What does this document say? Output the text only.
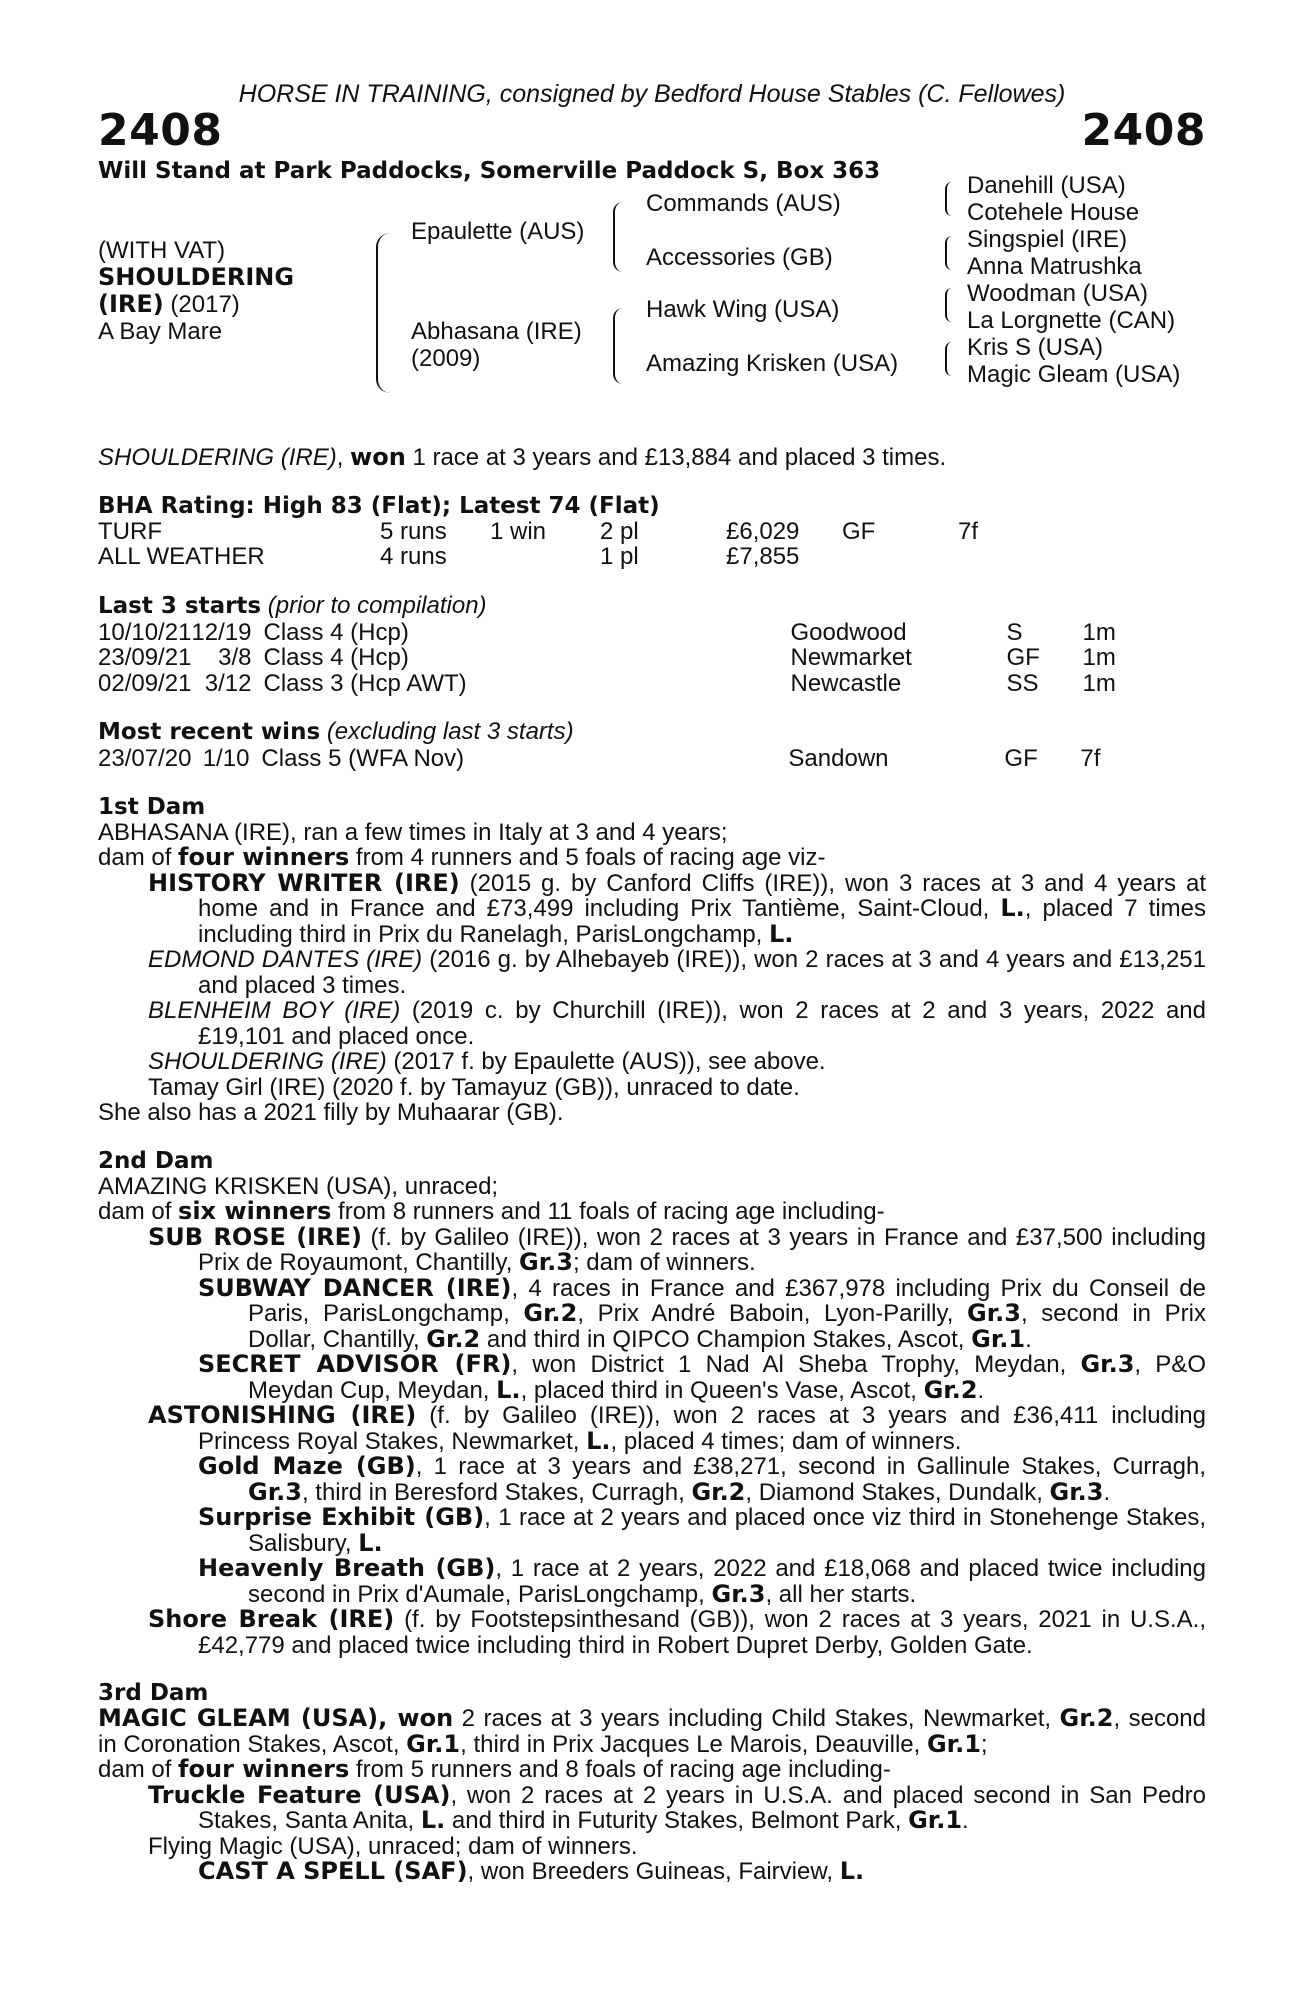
HORSE IN TRAINING, consigned by Bedford House Stables (C. Fellowes)

2408	2408
Will Stand at Park Paddocks, Somerville Paddock S, Box 363
(WITH VAT)
SHOULDERING
(IRE) (2017)
A Bay Mare
Epaulette (AUS)
Abhasana (IRE)
(2009)
Commands (AUS)
Accessories (GB)
Hawk Wing (USA)
Amazing Krisken (USA)
Danehill (USA)
Cotehele House
Singspiel (IRE)
Anna Matrushka
Woodman (USA)
La Lorgnette (CAN)
Kris S (USA)
Magic Gleam (USA)

SHOULDERING (IRE), won 1 race at 3 years and £13,884 and placed 3 times.

BHA Rating: High 83 (Flat); Latest 74 (Flat)
TURF	5 runs	1 win	2 pl	£6,029	GF	7f
ALL WEATHER	4 runs		1 pl	£7,855		
Last 3 starts (prior to compilation)
10/10/21	12/19	Class 4 (Hcp)	Goodwood	S	1m
23/09/21	3/8	Class 4 (Hcp)	Newmarket	GF	1m
02/09/21	3/12	Class 3 (Hcp AWT)	Newcastle	SS	1m
Most recent wins (excluding last 3 starts)
23/07/20	1/10	Class 5 (WFA Nov)	Sandown	GF	7f
1st Dam

ABHASANA (IRE), ran a few times in Italy at 3 and 4 years;

dam of four winners from 4 runners and 5 foals of racing age viz-

HISTORY WRITER (IRE) (2015 g. by Canford Cliffs (IRE)), won 3 races at 3 and 4 years at home and in France and £73,499 including Prix Tantième, Saint-Cloud, L., placed 7 times including third in Prix du Ranelagh, ParisLongchamp, L.

EDMOND DANTES (IRE) (2016 g. by Alhebayeb (IRE)), won 2 races at 3 and 4 years and £13,251 and placed 3 times.

BLENHEIM BOY (IRE) (2019 c. by Churchill (IRE)), won 2 races at 2 and 3 years, 2022 and £19,101 and placed once.

SHOULDERING (IRE) (2017 f. by Epaulette (AUS)), see above.

Tamay Girl (IRE) (2020 f. by Tamayuz (GB)), unraced to date.

She also has a 2021 filly by Muhaarar (GB).

2nd Dam

AMAZING KRISKEN (USA), unraced;

dam of six winners from 8 runners and 11 foals of racing age including-

SUB ROSE (IRE) (f. by Galileo (IRE)), won 2 races at 3 years in France and £37,500 including Prix de Royaumont, Chantilly, Gr.3; dam of winners.

SUBWAY DANCER (IRE), 4 races in France and £367,978 including Prix du Conseil de Paris, ParisLongchamp, Gr.2, Prix André Baboin, Lyon-Parilly, Gr.3, second in Prix Dollar, Chantilly, Gr.2 and third in QIPCO Champion Stakes, Ascot, Gr.1.

SECRET ADVISOR (FR), won District 1 Nad Al Sheba Trophy, Meydan, Gr.3, P&O Meydan Cup, Meydan, L., placed third in Queen's Vase, Ascot, Gr.2.

ASTONISHING (IRE) (f. by Galileo (IRE)), won 2 races at 3 years and £36,411 including Princess Royal Stakes, Newmarket, L., placed 4 times; dam of winners.

Gold Maze (GB), 1 race at 3 years and £38,271, second in Gallinule Stakes, Curragh, Gr.3, third in Beresford Stakes, Curragh, Gr.2, Diamond Stakes, Dundalk, Gr.3.

Surprise Exhibit (GB), 1 race at 2 years and placed once viz third in Stonehenge Stakes, Salisbury, L.

Heavenly Breath (GB), 1 race at 2 years, 2022 and £18,068 and placed twice including second in Prix d'Aumale, ParisLongchamp, Gr.3, all her starts.

Shore Break (IRE) (f. by Footstepsinthesand (GB)), won 2 races at 3 years, 2021 in U.S.A., £42,779 and placed twice including third in Robert Dupret Derby, Golden Gate.

3rd Dam

MAGIC GLEAM (USA), won 2 races at 3 years including Child Stakes, Newmarket, Gr.2, second in Coronation Stakes, Ascot, Gr.1, third in Prix Jacques Le Marois, Deauville, Gr.1;

dam of four winners from 5 runners and 8 foals of racing age including-

Truckle Feature (USA), won 2 races at 2 years in U.S.A. and placed second in San Pedro Stakes, Santa Anita, L. and third in Futurity Stakes, Belmont Park, Gr.1.

Flying Magic (USA), unraced; dam of winners.

CAST A SPELL (SAF), won Breeders Guineas, Fairview, L.
